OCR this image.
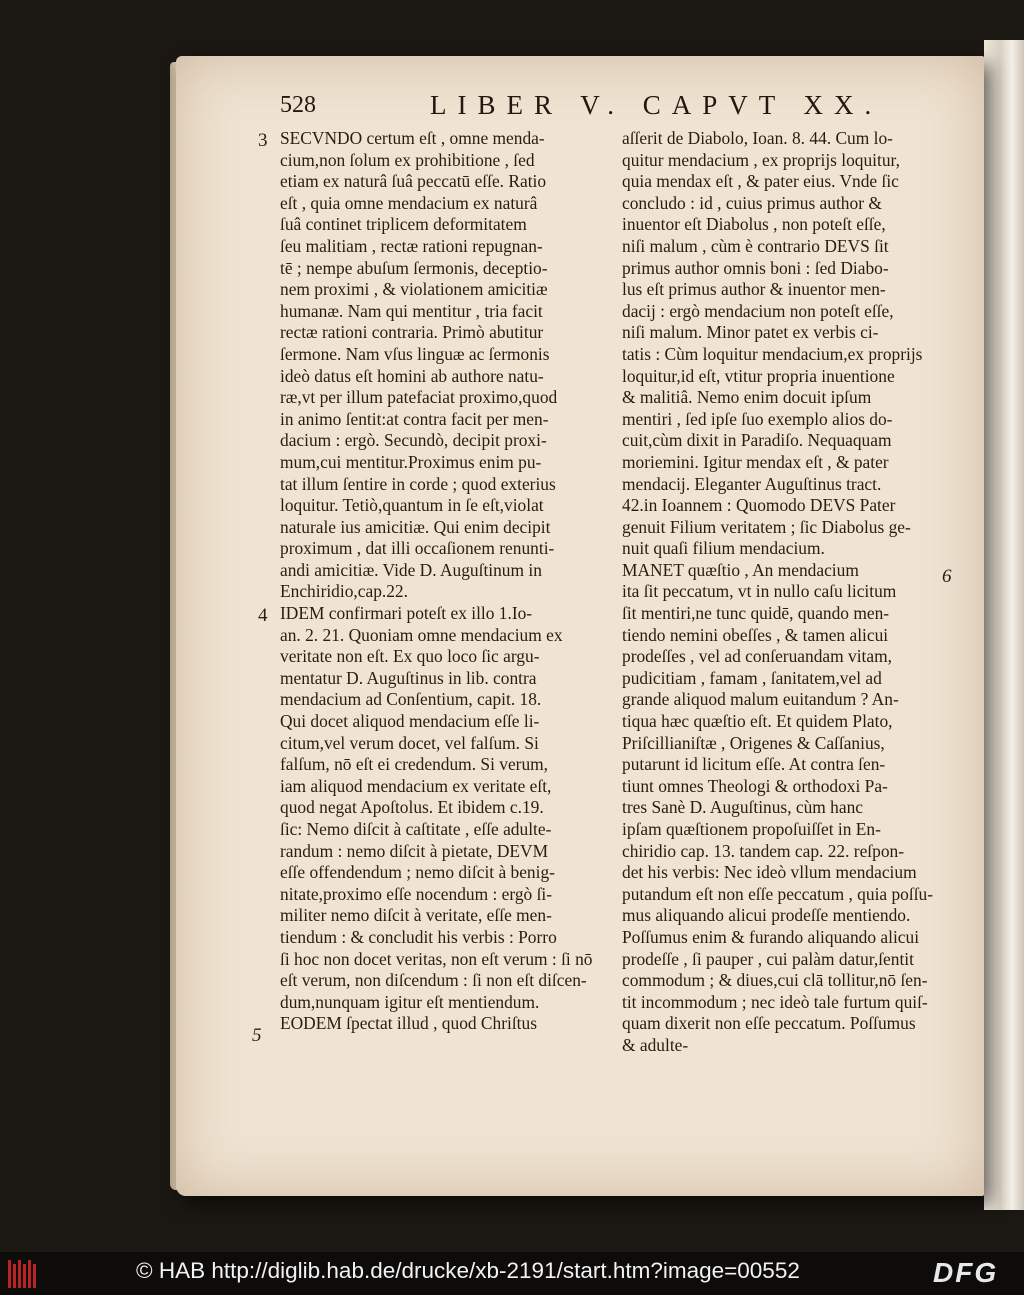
528	LIBER V. CAPVT XX.
3
4
5
6
SECVNDO certum eſt , omne menda-
cium,non ſolum ex prohibitione , ſed
etiam ex naturâ ſuâ peccatū eſſe. Ratio
eſt , quia omne mendacium ex naturâ
ſuâ continet triplicem deformitatem
ſeu malitiam , rectæ rationi repugnan-
tē ; nempe abuſum ſermonis, deceptio-
nem proximi , & violationem amicitiæ
humanæ. Nam qui mentitur , tria facit
rectæ rationi contraria. Primò abutitur
ſermone. Nam vſus linguæ ac ſermonis
ideò datus eſt homini ab authore natu-
ræ,vt per illum patefaciat proximo,quod
in animo ſentit:at contra facit per men-
dacium : ergò. Secundò, decipit proxi-
mum,cui mentitur.Proximus enim pu-
tat illum ſentire in corde ; quod exterius
loquitur. Tetiò,quantum in ſe eſt,violat
naturale ius amicitiæ. Qui enim decipit
proximum , dat illi occaſionem renunti-
andi amicitiæ. Vide D. Auguſtinum in
Enchiridio,cap.22.
IDEM confirmari poteſt ex illo 1.Io-
an. 2. 21. Quoniam omne mendacium ex
veritate non eſt. Ex quo loco ſic argu-
mentatur D. Auguſtinus in lib. contra
mendacium ad Conſentium, capit. 18.
Qui docet aliquod mendacium eſſe li-
citum,vel verum docet, vel falſum. Si
falſum, nō eſt ei credendum. Si verum,
iam aliquod mendacium ex veritate eſt,
quod negat Apoſtolus. Et ibidem c.19.
ſic: Nemo diſcit à caſtitate , eſſe adulte-
randum : nemo diſcit à pietate, DEVM
eſſe offendendum ; nemo diſcit à benig-
nitate,proximo eſſe nocendum : ergò ſi-
militer nemo diſcit à veritate, eſſe men-
tiendum : & concludit his verbis : Porro
ſi hoc non docet veritas, non eſt verum : ſi nō
eſt verum, non diſcendum : ſi non eſt diſcen-
dum,nunquam igitur eſt mentiendum.
EODEM ſpectat illud , quod Chriſtus
aſſerit de Diabolo, Ioan. 8. 44. Cum lo-
quitur mendacium , ex proprijs loquitur,
quia mendax eſt , & pater eius. Vnde ſic
concludo : id , cuius primus author &
inuentor eſt Diabolus , non poteſt eſſe,
niſi malum , cùm è contrario DEVS ſit
primus author omnis boni : ſed Diabo-
lus eſt primus author & inuentor men-
dacij : ergò mendacium non poteſt eſſe,
niſi malum. Minor patet ex verbis ci-
tatis : Cùm loquitur mendacium,ex proprijs
loquitur,id eſt, vtitur propria inuentione
& malitiâ. Nemo enim docuit ipſum
mentiri , ſed ipſe ſuo exemplo alios do-
cuit,cùm dixit in Paradiſo. Nequaquam
moriemini. Igitur mendax eſt , & pater
mendacij. Eleganter Auguſtinus tract.
42.in Ioannem : Quomodo DEVS Pater
genuit Filium veritatem ; ſic Diabolus ge-
nuit quaſi filium mendacium.
MANET quæſtio , An mendacium
ita ſit peccatum, vt in nullo caſu licitum
ſit mentiri,ne tunc quidē, quando men-
tiendo nemini obeſſes , & tamen alicui
prodeſſes , vel ad conſeruandam vitam,
pudicitiam , famam , ſanitatem,vel ad
grande aliquod malum euitandum ? An-
tiqua hæc quæſtio eſt. Et quidem Plato,
Priſcillianiſtæ , Origenes & Caſſanius,
putarunt id licitum eſſe. At contra ſen-
tiunt omnes Theologi & orthodoxi Pa-
tres Sanè D. Auguſtinus, cùm hanc
ipſam quæſtionem propoſuiſſet in En-
chiridio cap. 13. tandem cap. 22. reſpon-
det his verbis: Nec ideò vllum mendacium
putandum eſt non eſſe peccatum , quia poſſu-
mus aliquando alicui prodeſſe mentiendo.
Poſſumus enim & furando aliquando alicui
prodeſſe , ſi pauper , cui palàm datur,ſentit
commodum ; & diues,cui clā tollitur,nō ſen-
tit incommodum ; nec ideò tale furtum quiſ-
quam dixerit non eſſe peccatum. Poſſumus
& adulte-
© HAB http://diglib.hab.de/drucke/xb-2191/start.htm?image=00552	DFG
